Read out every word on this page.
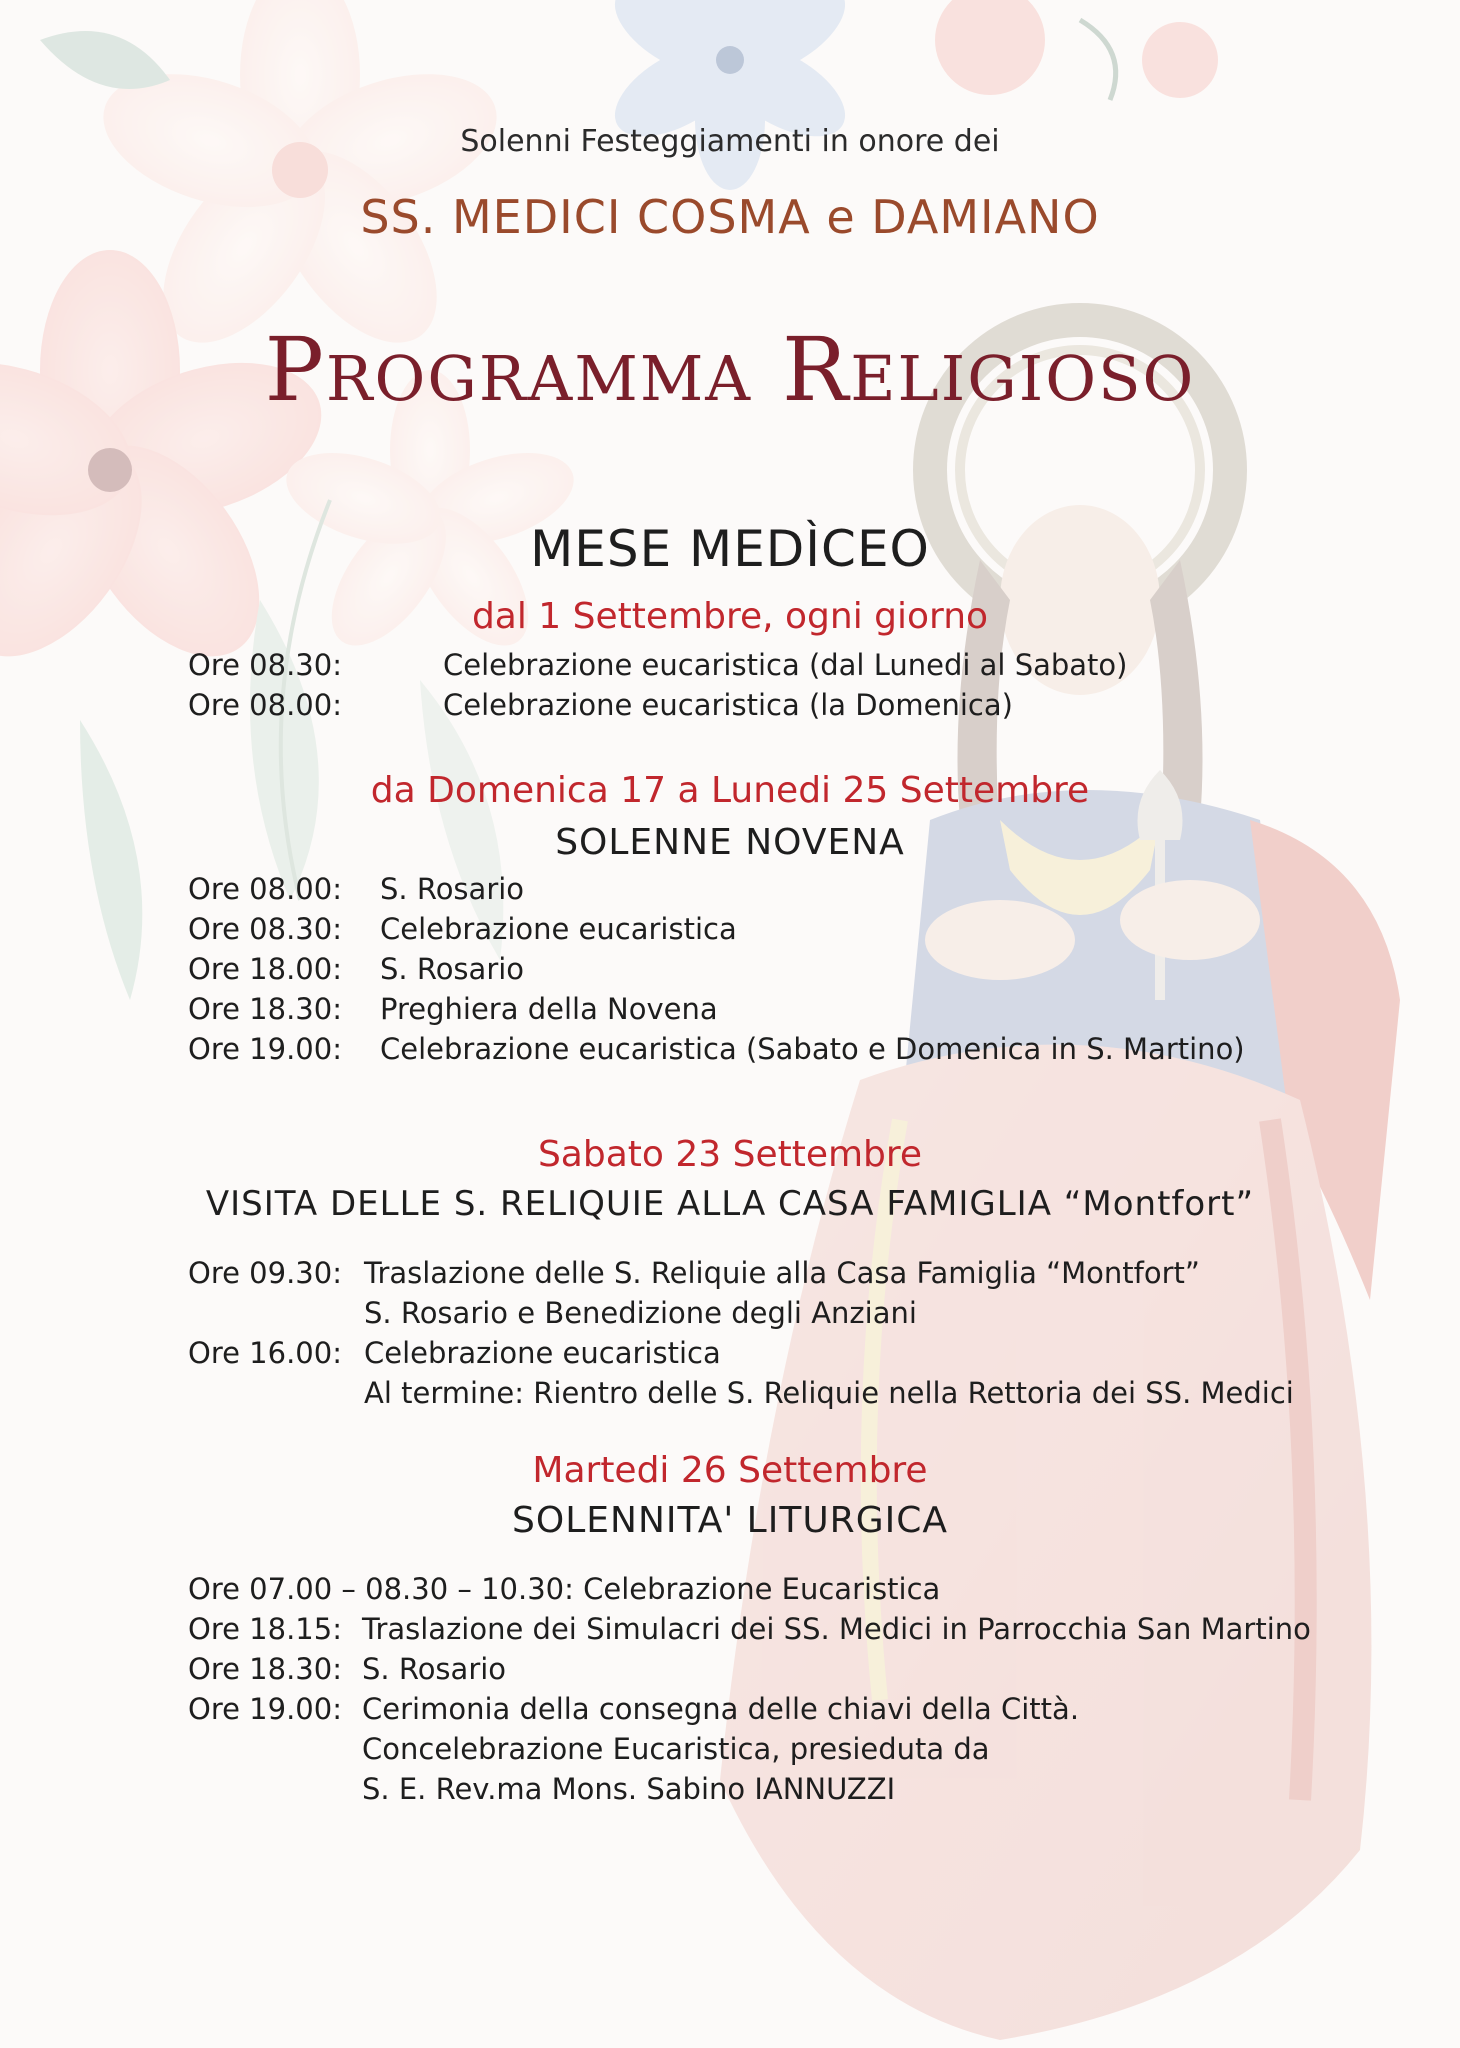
Solenni Festeggiamenti in onore dei

SS. MEDICI COSMA e DAMIANO

Programma Religioso

MESE MEDÌCEO

dal 1 Settembre, ogni giorno

Ore 08.30:	Celebrazione eucaristica (dal Lunedi al Sabato)
Ore 08.00:	Celebrazione eucaristica (la Domenica)

da Domenica 17 a Lunedi 25 Settembre

SOLENNE NOVENA

Ore 08.00: S. Rosario
Ore 08.30: Celebrazione eucaristica
Ore 18.00: S. Rosario
Ore 18.30: Preghiera della Novena
Ore 19.00: Celebrazione eucaristica (Sabato e Domenica in S. Martino)

Sabato 23 Settembre

VISITA DELLE S. RELIQUIE ALLA CASA FAMIGLIA “Montfort”

Ore 09.30: Traslazione delle S. Reliquie alla Casa Famiglia “Montfort”
S. Rosario e Benedizione degli Anziani
Ore 16.00: Celebrazione eucaristica
Al termine: Rientro delle S. Reliquie nella Rettoria dei SS. Medici

Martedi 26 Settembre

SOLENNITA' LITURGICA

Ore 07.00 – 08.30 – 10.30: Celebrazione Eucaristica
Ore 18.15: Traslazione dei Simulacri dei SS. Medici in Parrocchia San Martino
Ore 18.30: S. Rosario
Ore 19.00: Cerimonia della consegna delle chiavi della Città.
Concelebrazione Eucaristica, presieduta da
S. E. Rev.ma Mons. Sabino IANNUZZI
